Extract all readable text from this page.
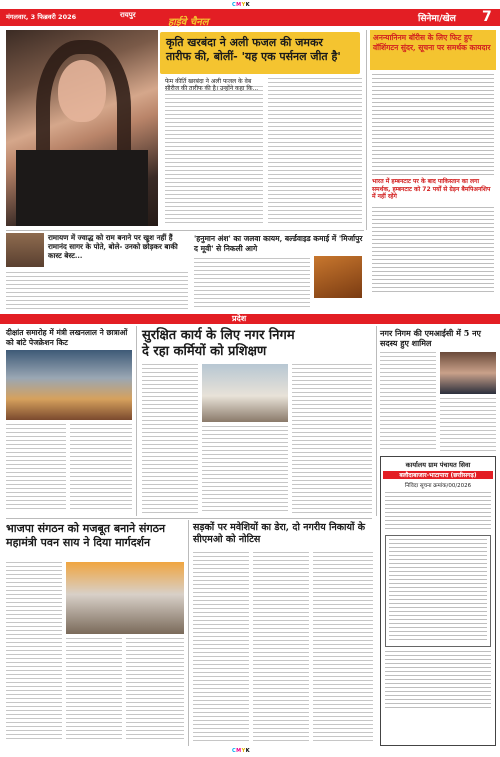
CMYK
मंगलवार, 3 फिब्रवरी 2026	रायपुर
हाईवे चैनल	सिनेमा/खेल 7
कृति खरबंदा ने अली फजल की जमकर
तारीफ की, बोलीं- 'यह एक पर्सनल जीत है'
फेम कीर्ति खरबंदा ने अली फजल के वेब सीरीज की तारीफ की है। उन्होंने कहा कि...
अनन्यानिनम बॉरीस के लिए फिट हुए वॉशिंगटन सुंदर, सूचना पर समर्थक कायदार
भारत में हम्बनटाट पर के बाद पाकिस्तान का लगा समर्थक, हम्बनटाट को 72 पर्यों से ग्रेड़न बैमपिअनशिप में नहीं रहेंगे
रामायण में ज्वाद्ध को राम बनाने पर खुश नहीं हैं रामानंद सागर के पोते, बोले- उनको छोड़कर बाकी कास्ट बेस्ट...
'हनुमान अंश' का जलवा कायम, बर्ल्डवाइड कमाई में 'मिर्जापुर द मूवी' से निकली आगे
प्रदेश
दीक्षांत समारोह में मंत्री लखनलाल ने छात्राओं को बांटे पेजक्रेशन किट	सुरक्षित कार्य के लिए नगर निगम
दे रहा कर्मियों को प्रशिक्षण
नगर निगम की एमआईसी में 5 नए सदस्य हुए शामिल
कार्यालय ग्राम पंचायत सिवा
बलौदाबाजार-भाटापारा (छत्तीसगढ़)
निविदा सूचना क्रमांक/00/2026
भाजपा संगठन को मजबूत बनाने संगठन महामंत्री पवन साय ने दिया मार्गदर्शन
सड़कों पर मवेशियों का डेरा, दो नगरीय निकायों के सीएमओ को नोटिस
CMYK
